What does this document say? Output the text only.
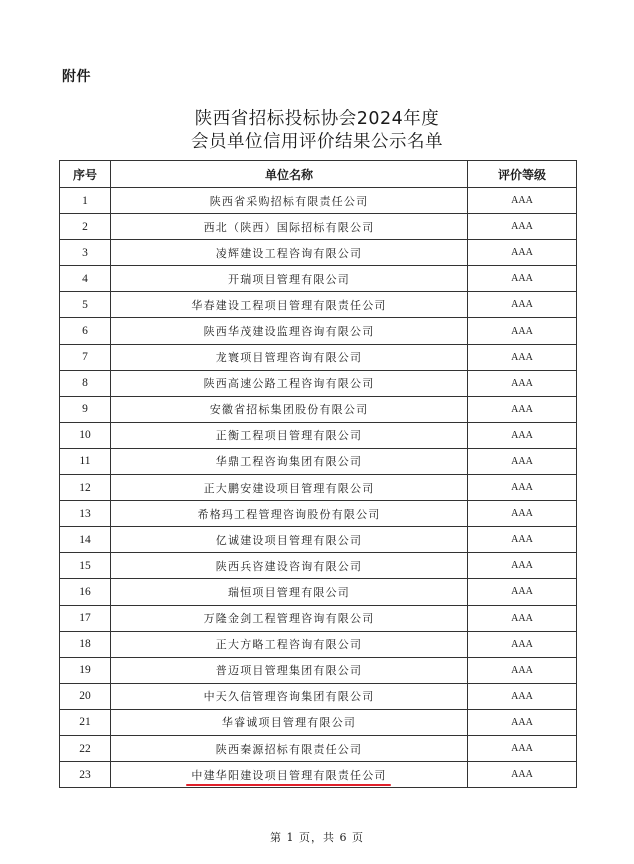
附件
陕西省招标投标协会2024年度
会员单位信用评价结果公示名单
序号	单位名称	评价等级
1	陕西省采购招标有限责任公司	AAA
2	西北（陕西）国际招标有限公司	AAA
3	凌辉建设工程咨询有限公司	AAA
4	开瑞项目管理有限公司	AAA
5	华春建设工程项目管理有限责任公司	AAA
6	陕西华茂建设监理咨询有限公司	AAA
7	龙寰项目管理咨询有限公司	AAA
8	陕西高速公路工程咨询有限公司	AAA
9	安徽省招标集团股份有限公司	AAA
10	正衡工程项目管理有限公司	AAA
11	华鼎工程咨询集团有限公司	AAA
12	正大鹏安建设项目管理有限公司	AAA
13	希格玛工程管理咨询股份有限公司	AAA
14	亿诚建设项目管理有限公司	AAA
15	陕西兵咨建设咨询有限公司	AAA
16	瑞恒项目管理有限公司	AAA
17	万隆金剑工程管理咨询有限公司	AAA
18	正大方略工程咨询有限公司	AAA
19	普迈项目管理集团有限公司	AAA
20	中天久信管理咨询集团有限公司	AAA
21	华睿诚项目管理有限公司	AAA
22	陕西秦源招标有限责任公司	AAA
23	中建华阳建设项目管理有限责任公司	AAA
第 1 页，共 6 页
